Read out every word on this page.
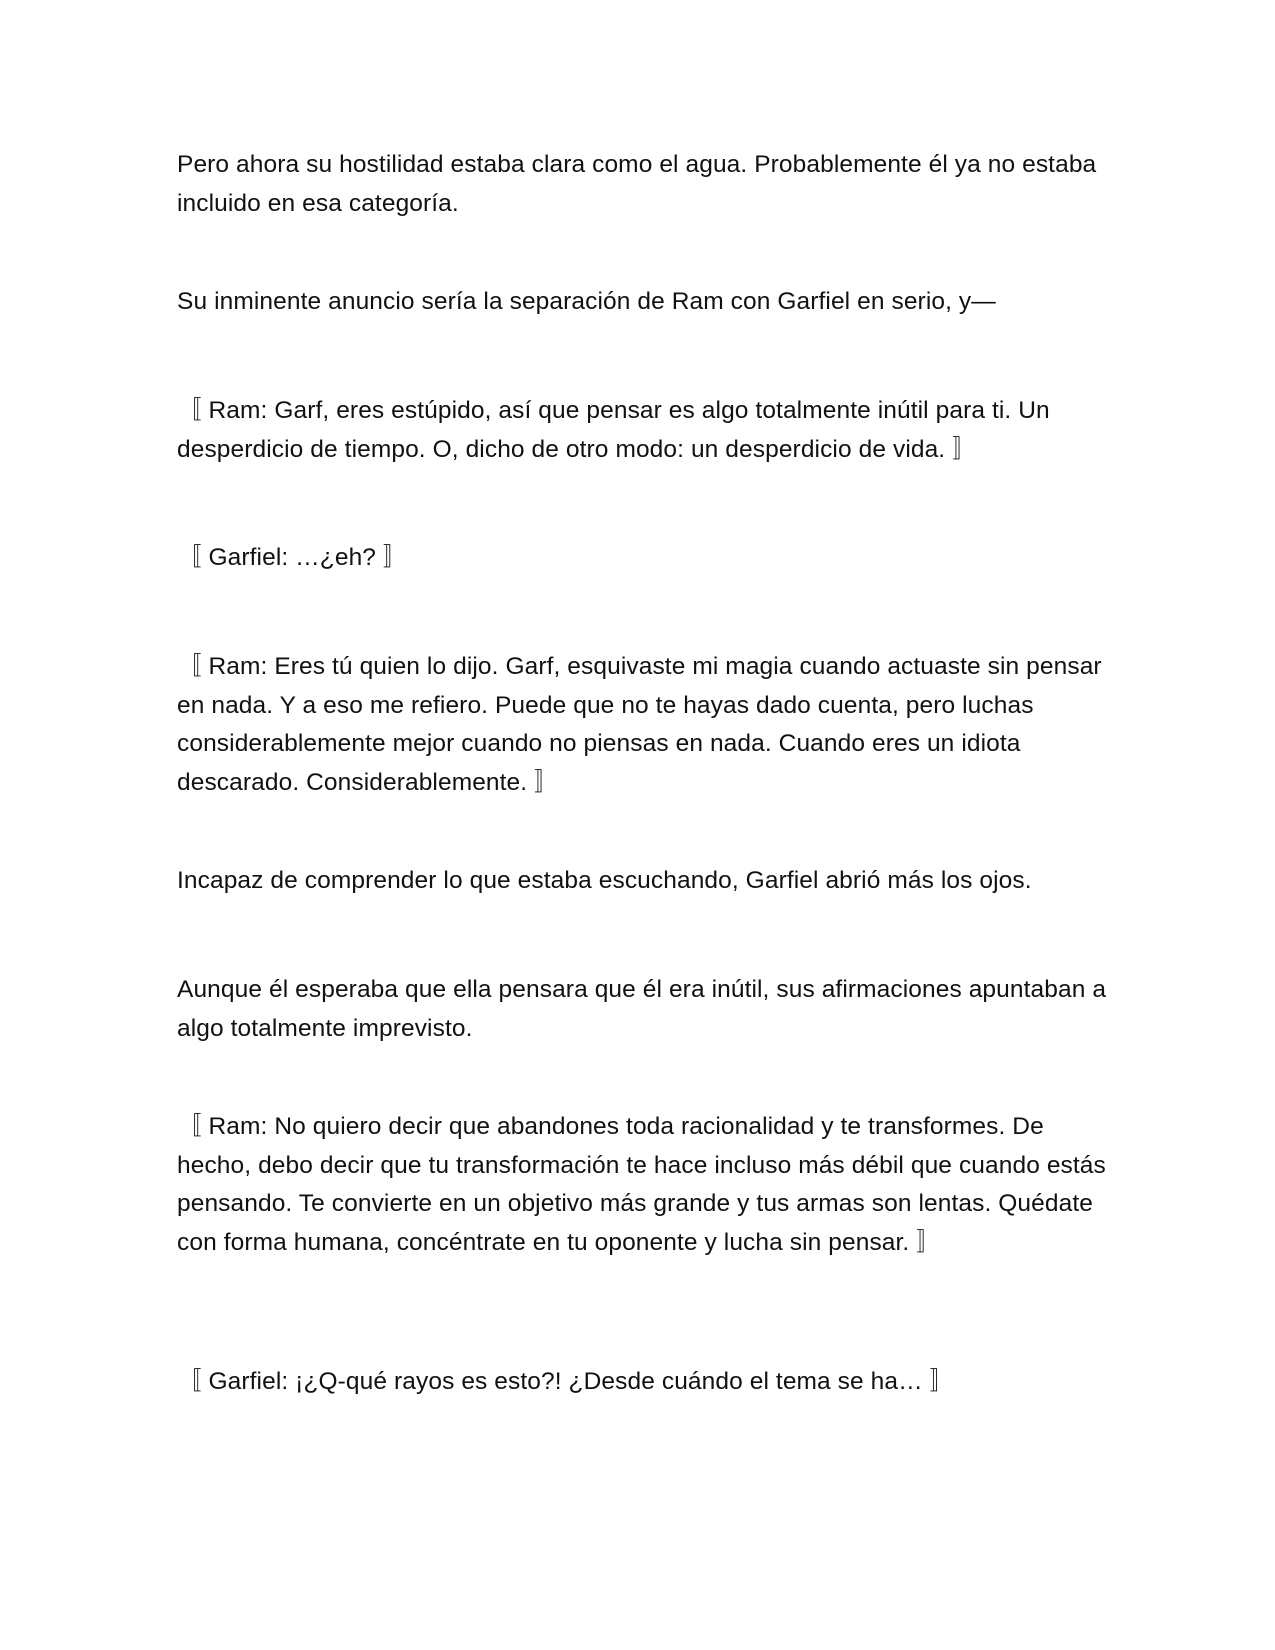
Pero ahora su hostilidad estaba clara como el agua. Probablemente él ya no estaba incluido en esa categoría.

Su inminente anuncio sería la separación de Ram con Garfiel en serio, y—

〚 Ram: Garf, eres estúpido, así que pensar es algo totalmente inútil para ti. Un desperdicio de tiempo. O, dicho de otro modo: un desperdicio de vida. 〛

〚 Garfiel: …¿eh? 〛

〚 Ram: Eres tú quien lo dijo. Garf, esquivaste mi magia cuando actuaste sin pensar en nada. Y a eso me refiero. Puede que no te hayas dado cuenta, pero luchas considerablemente mejor cuando no piensas en nada. Cuando eres un idiota descarado. Considerablemente. 〛

Incapaz de comprender lo que estaba escuchando, Garfiel abrió más los ojos.

Aunque él esperaba que ella pensara que él era inútil, sus afirmaciones apuntaban a algo totalmente imprevisto.

〚 Ram: No quiero decir que abandones toda racionalidad y te transformes. De hecho, debo decir que tu transformación te hace incluso más débil que cuando estás pensando. Te convierte en un objetivo más grande y tus armas son lentas. Quédate con forma humana, concéntrate en tu oponente y lucha sin pensar. 〛

〚 Garfiel: ¡¿Q-qué rayos es esto?! ¿Desde cuándo el tema se ha… 〛
